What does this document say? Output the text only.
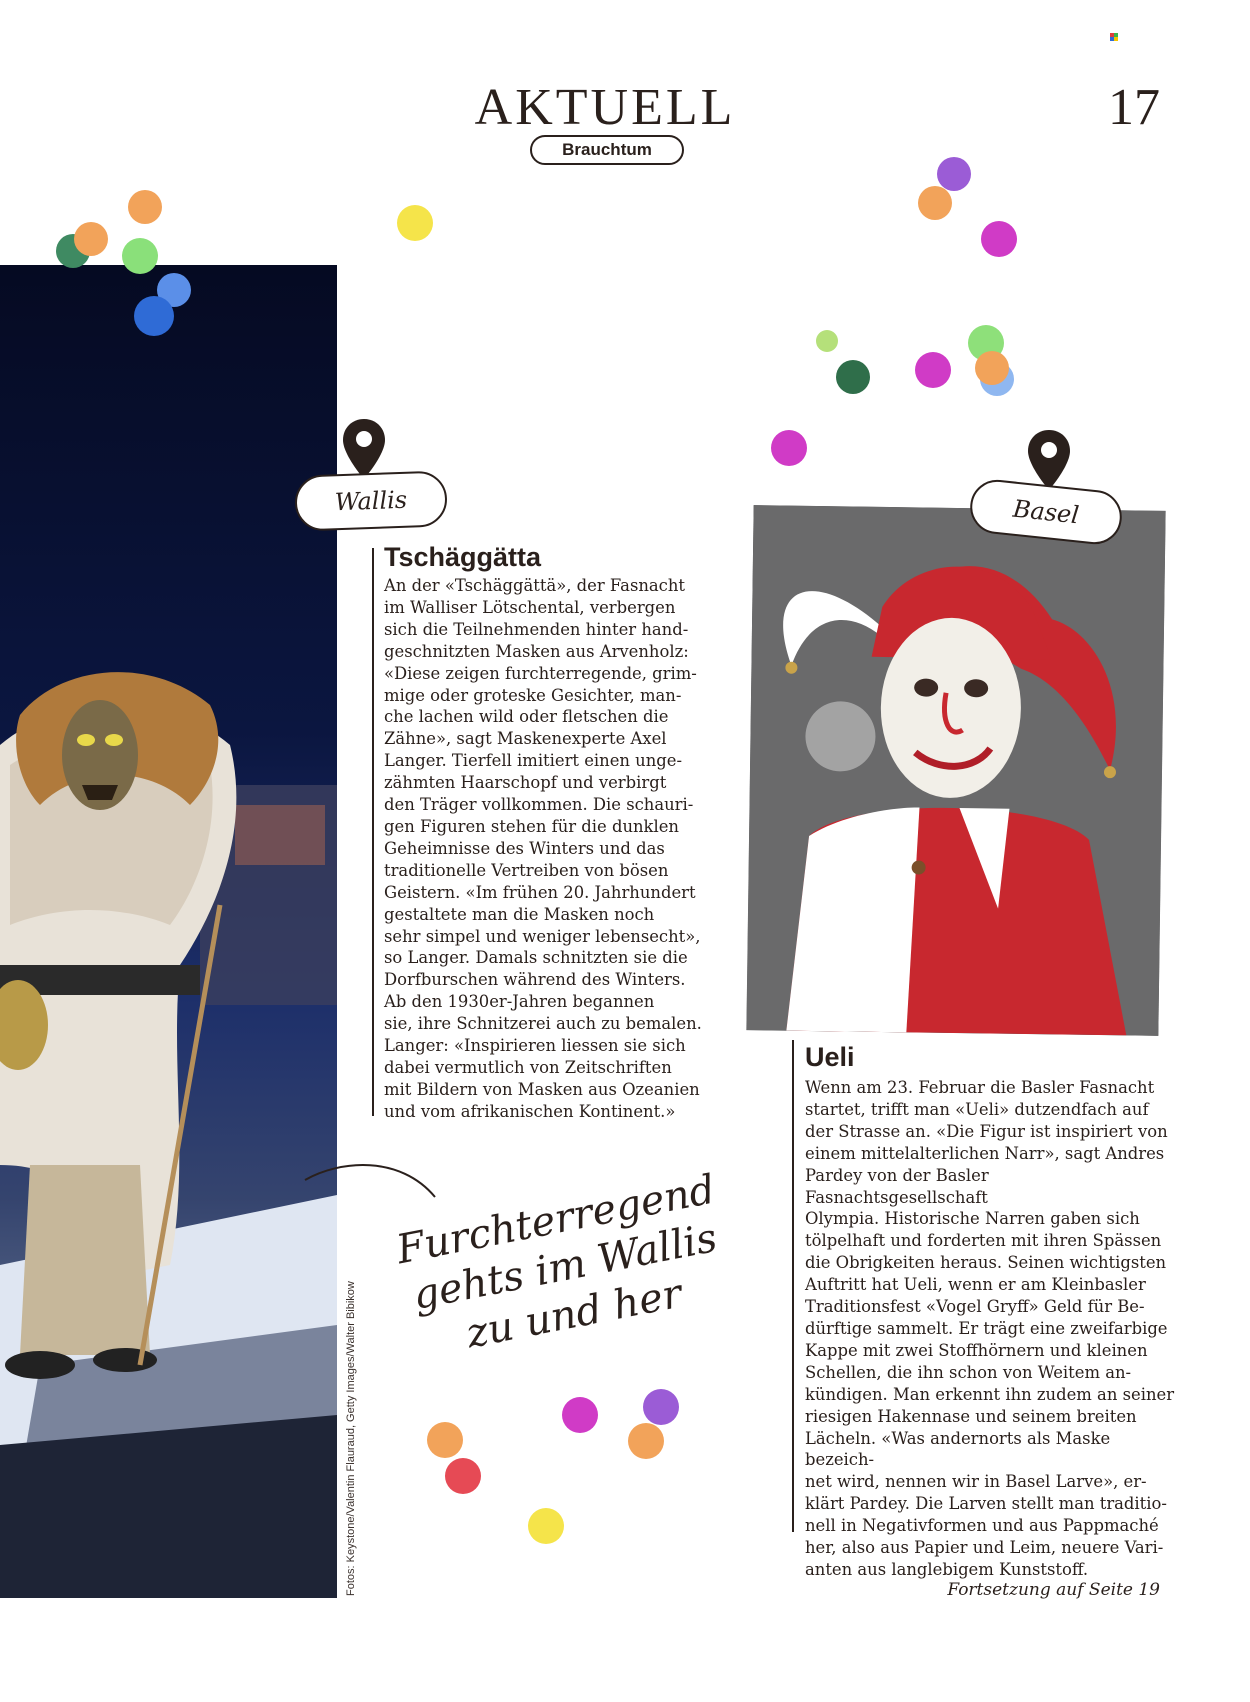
AKTUELL	17
Brauchtum
Wallis	Basel
Tschäggätta
An der «Tschäggättä», der Fasnacht
im Walliser Lötschental, verbergen
sich die Teilnehmenden hinter hand-
geschnitzten Masken aus Arvenholz:
«Diese zeigen furchterregende, grim-
mige oder groteske Gesichter, man-
che lachen wild oder fletschen die
Zähne», sagt Maskenexperte Axel
Langer. Tierfell imitiert einen unge-
zähmten Haarschopf und verbirgt
den Träger vollkommen. Die schauri-
gen Figuren stehen für die dunklen
Geheimnisse des Winters und das
traditionelle Vertreiben von bösen
Geistern. «Im frühen 20. Jahrhundert
gestaltete man die Masken noch
sehr simpel und weniger lebensecht»,
so Langer. Damals schnitzten sie die
Dorfburschen während des Winters.
Ab den 1930er-Jahren begannen
sie, ihre Schnitzerei auch zu bemalen.
Langer: «Inspirieren liessen sie sich
dabei vermutlich von Zeitschriften
mit Bildern von Masken aus Ozeanien
und vom afrikanischen Kontinent.»
Ueli
Wenn am 23. Februar die Basler Fasnacht
startet, trifft man «Ueli» dutzendfach auf
der Strasse an. «Die Figur ist inspiriert von
einem mittelalterlichen Narr», sagt Andres
Pardey von der Basler Fasnachtsgesellschaft
Olympia. Historische Narren gaben sich
tölpelhaft und forderten mit ihren Spässen
die Obrigkeiten heraus. Seinen wichtigsten
Auftritt hat Ueli, wenn er am Kleinbasler
Traditionsfest «Vogel Gryff» Geld für Be-
dürftige sammelt. Er trägt eine zweifarbige
Kappe mit zwei Stoffhörnern und kleinen
Schellen, die ihn schon von Weitem an-
kündigen. Man erkennt ihn zudem an seiner
riesigen Hakennase und seinem breiten
Lächeln. «Was andernorts als Maske bezeich-
net wird, nennen wir in Basel Larve», er-
klärt Pardey. Die Larven stellt man traditio-
nell in Negativformen und aus Pappmaché
her, also aus Papier und Leim, neuere Vari-
anten aus langlebigem Kunststoff.
Furchterregend gehts im Wallis zu und her
Fotos: Keystone/Valentin Flauraud, Getty Images/Walter Bibikow	Fortsetzung auf Seite 19
